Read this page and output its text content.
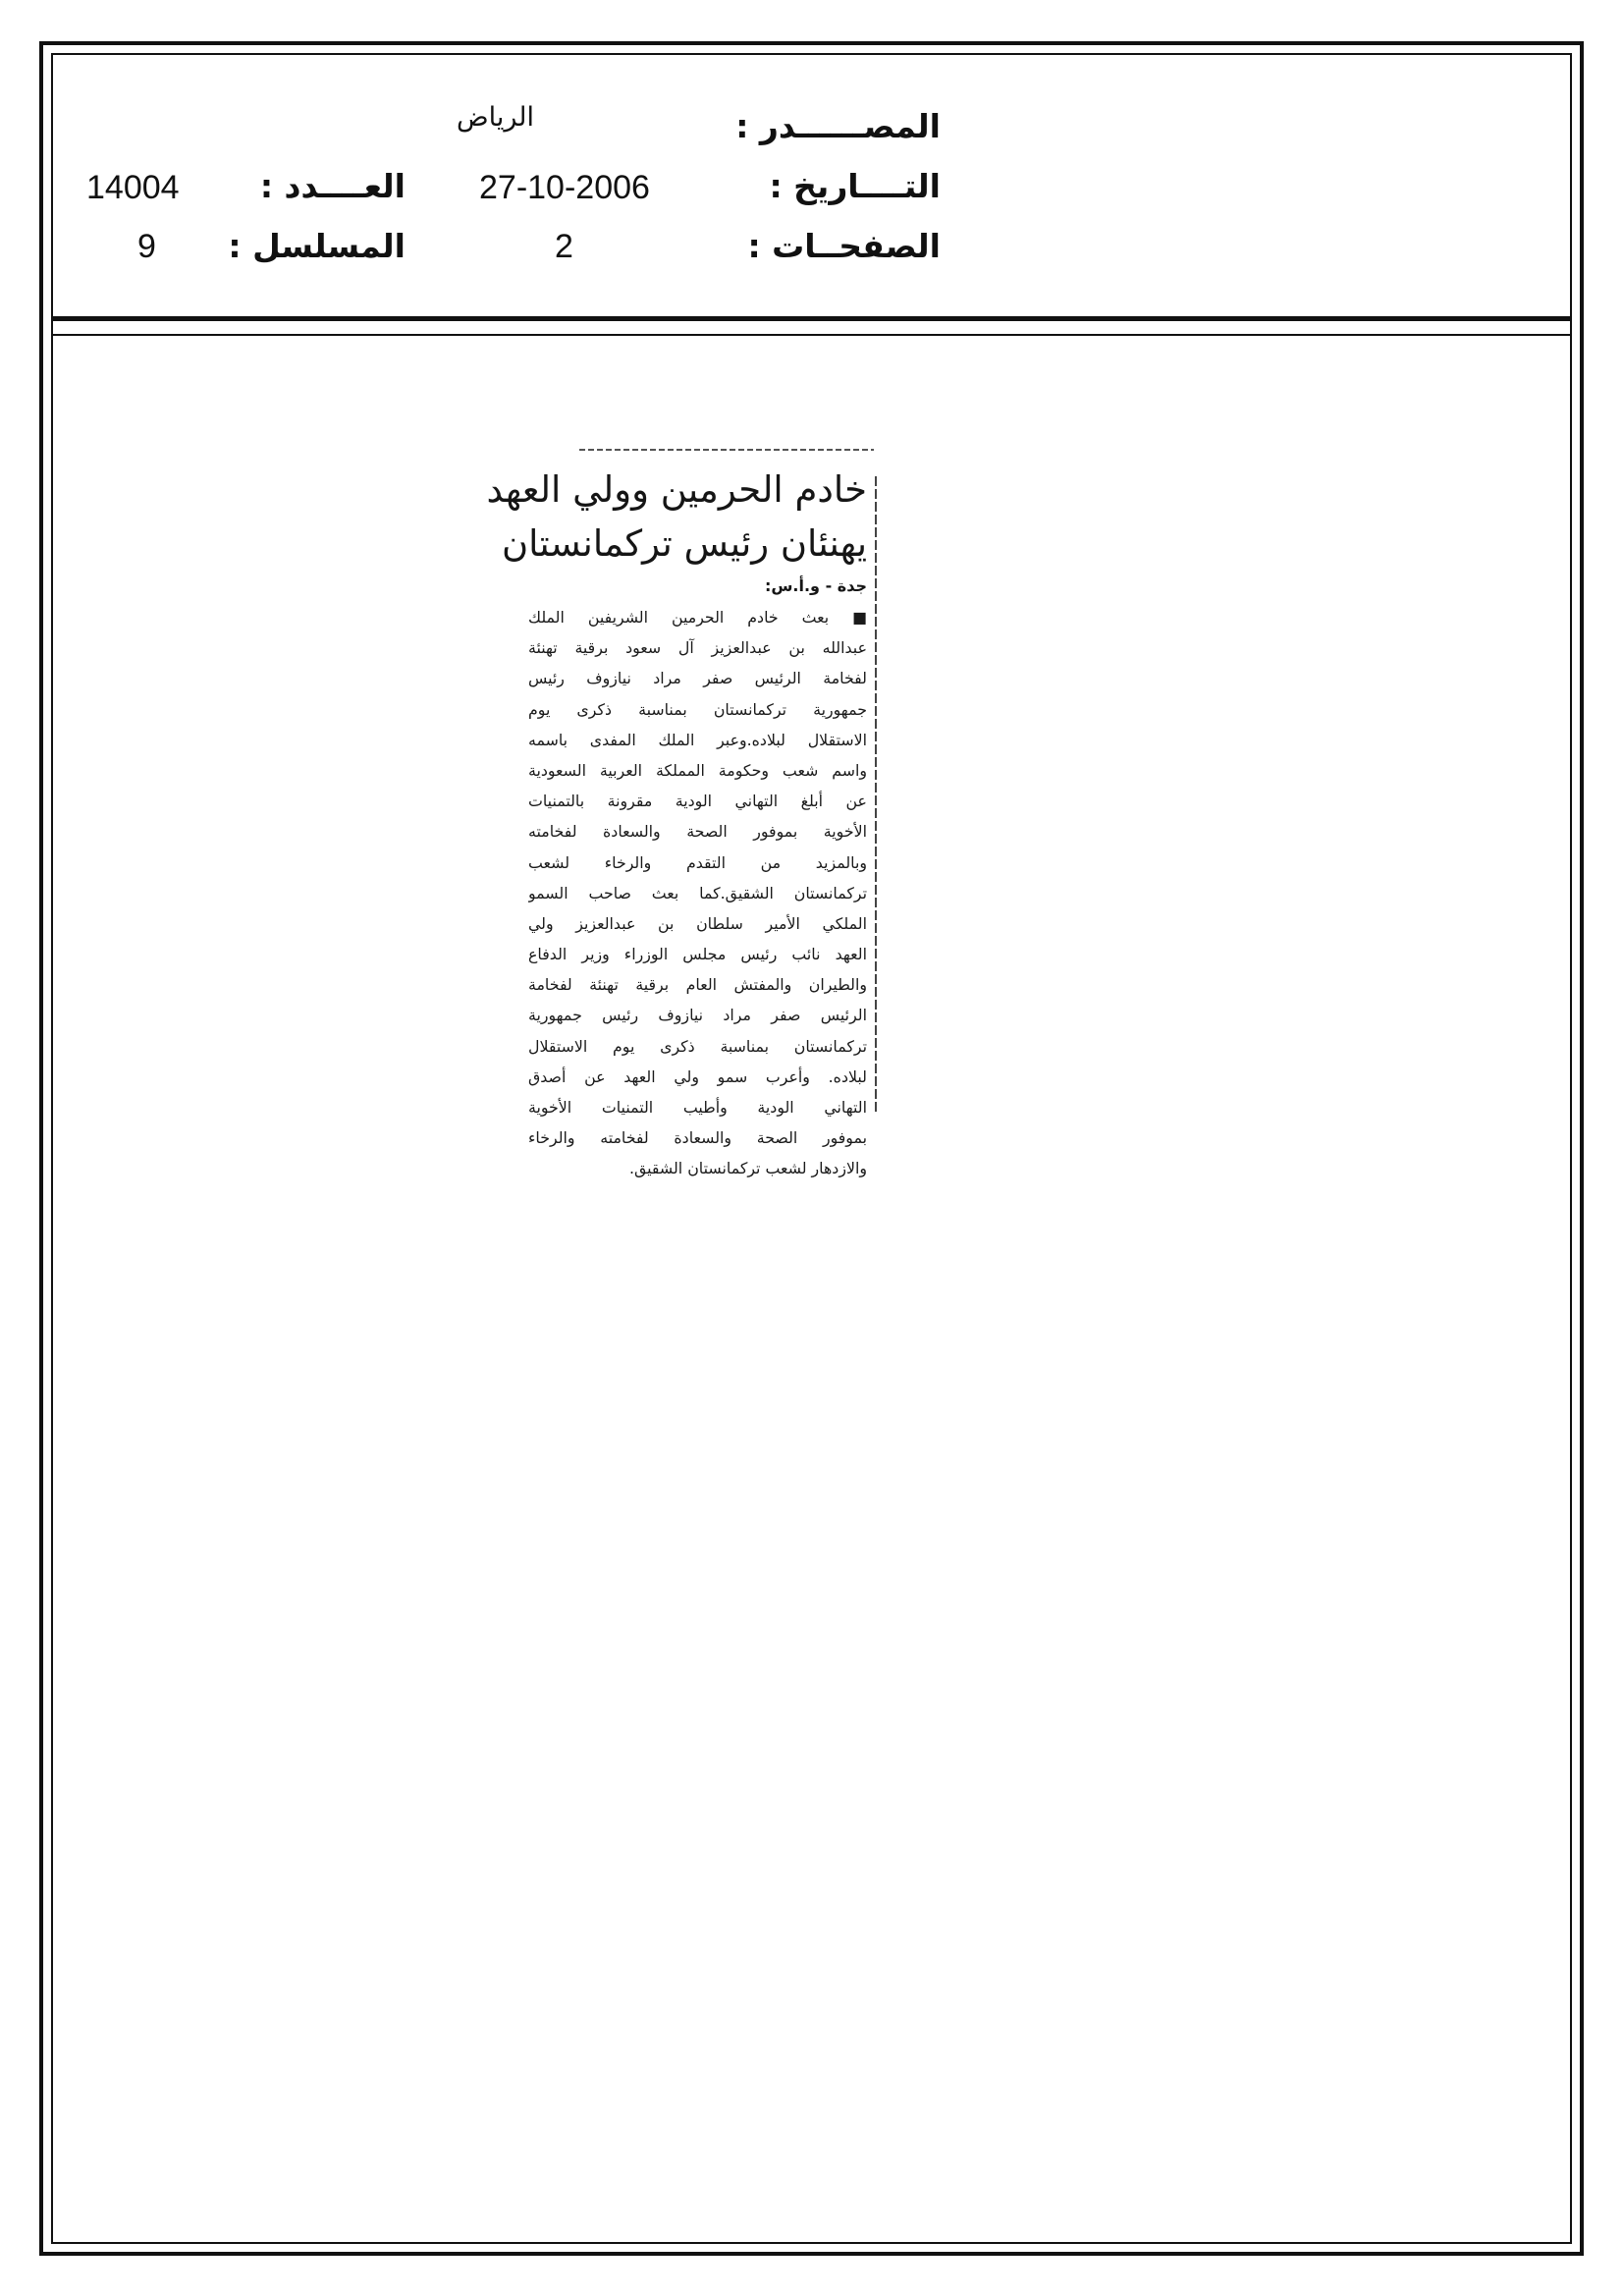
المصــــــدر :
الرياض
التــــاريخ :
27-10-2006
العــــدد :
14004
الصفحــات :
2
المسلسل :
9
خادم الحرمين وولي العهد
يهنئان رئيس تركمانستان
جدة - و.أ.س:
■ بعث خادم الحرمين الشريفين الملك
عبدالله بن عبدالعزيز آل سعود برقية تهنئة
لفخامة الرئيس صفر مراد نيازوف رئيس
جمهورية تركمانستان بمناسبة ذكرى يوم
الاستقلال لبلاده.وعبر الملك المفدى باسمه
واسم شعب وحكومة المملكة العربية السعودية
عن أبلغ التهاني الودية مقرونة بالتمنيات
الأخوية بموفور الصحة والسعادة لفخامته
وبالمزيد من التقدم والرخاء لشعب
تركمانستان الشقيق.كما بعث صاحب السمو
الملكي الأمير سلطان بن عبدالعزيز ولي
العهد نائب رئيس مجلس الوزراء وزير الدفاع
والطيران والمفتش العام برقية تهنئة لفخامة
الرئيس صفر مراد نيازوف رئيس جمهورية
تركمانستان بمناسبة ذكرى يوم الاستقلال
لبلاده. وأعرب سمو ولي العهد عن أصدق
التهاني الودية وأطيب التمنيات الأخوية
بموفور الصحة والسعادة لفخامته والرخاء
والازدهار لشعب تركمانستان الشقيق.
